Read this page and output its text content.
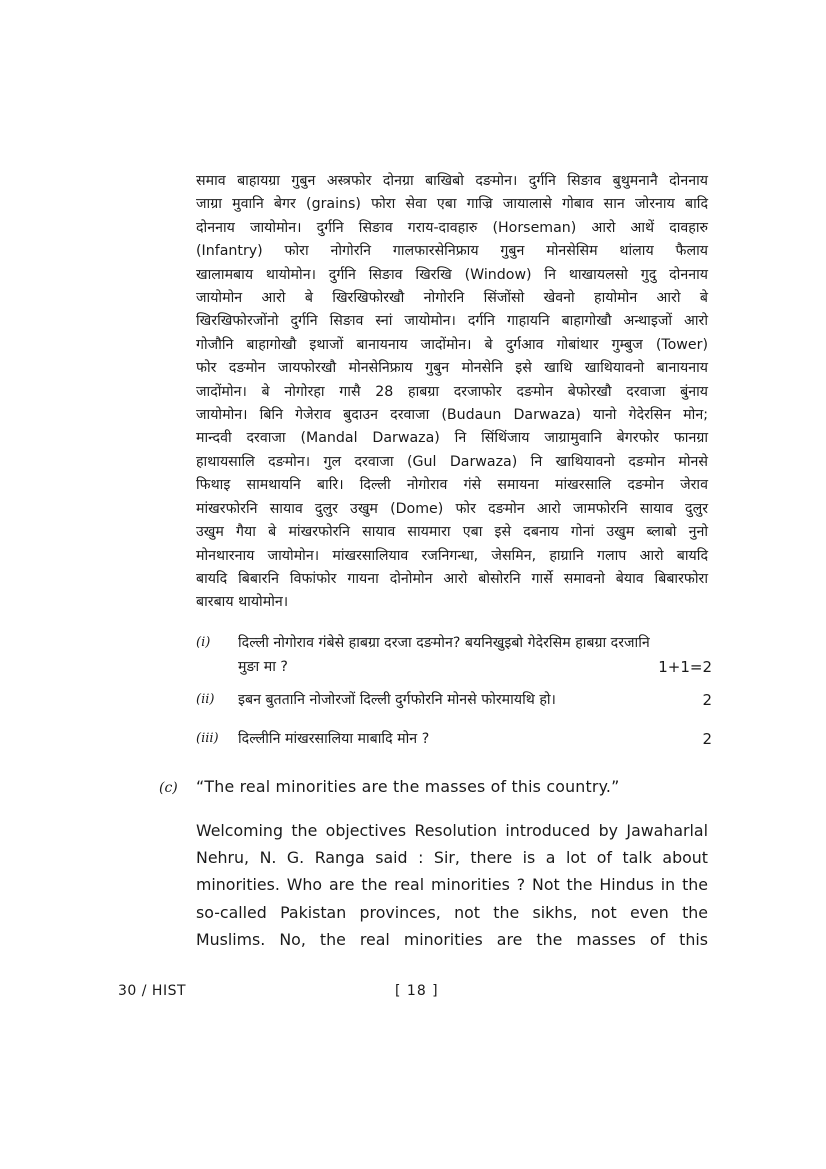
समाव बाहायग्रा गुबुन अस्त्रफोर दोनग्रा बाखिबो दङमोन। दुर्गनि सिङाव बुथुमनानै दोननाय
जाग्रा मुवानि बेगर (grains) फोरा सेवा एबा गाज्रि जायालासे गोबाव सान जोरनाय बादि
दोननाय जायोमोन। दुर्गनि सिङाव गराय-दावहारु (Horseman) आरो आथें दावहारु
(Infantry) फोरा नोगोरनि गालफारसेनिफ्राय गुबुन मोनसेसिम थांलाय फैलाय
खालामबाय थायोमोन। दुर्गनि सिङाव खिरखि (Window) नि थाखायलसो गुदु दोननाय
जायोमोन आरो बे खिरखिफोरखौ नोगोरनि सिंजोंसो खेवनो हायोमोन आरो बे
खिरखिफोरजोंनो दुर्गनि सिङाव स्नां जायोमोन। दर्गनि गाहायनि बाहागोखौ अन्थाइजों आरो
गोजौनि बाहागोखौ इथाजों बानायनाय जादोंमोन। बे दुर्गआव गोबांथार गुम्बुज (Tower)
फोर दङमोन जायफोरखौ मोनसेनिफ्राय गुबुन मोनसेनि इसे खाथि खाथियावनो बानायनाय
जादोंमोन। बे नोगोरहा गासै 28 हाबग्रा दरजाफोर दङमोन बेफोरखौ दरवाजा बुंनाय
जायोमोन। बिनि गेजेराव बुदाउन दरवाजा (Budaun Darwaza) यानो गेदेरसिन मोन;
मान्दवी दरवाजा (Mandal Darwaza) नि सिंथिंजाय जाग्रामुवानि बेगरफोर फानग्रा
हाथायसालि दङमोन। गुल दरवाजा (Gul Darwaza) नि खाथियावनो दङमोन मोनसे
फिथाइ सामथायनि बारि। दिल्ली नोगोराव गंसे समायना मांखरसालि दङमोन जेराव
मांखरफोरनि सायाव दुलुर उखुम (Dome) फोर दङमोन आरो जामफोरनि सायाव दुलुर
उखुम गैया बे मांखरफोरनि सायाव सायमारा एबा इसे दबनाय गोनां उखुम ब्लाबो नुनो
मोनथारनाय जायोमोन। मांखरसालियाव रजनिगन्धा, जेसमिन, हाग्रानि गलाप आरो बायदि
बायदि बिबारनि विफांफोर गायना दोनोमोन आरो बोसोरनि गार्से समावनो बेयाव बिबारफोरा
बारबाय थायोमोन।
(i) दिल्ली नोगोराव गंबेसे हाबग्रा दरजा दङमोन? बयनिखुइबो गेदेरसिम हाबग्रा दरजानि
मुङा मा ?	1+1=2
(ii) इबन बुततानि नोजोरजों दिल्ली दुर्गफोरनि मोनसे फोरमायथि हो।	2
(iii) दिल्लीनि मांखरसालिया माबादि मोन ?	2
(c) “The real minorities are the masses of this country.”
Welcoming the objectives Resolution introduced by Jawaharlal
Nehru, N. G. Ranga said : Sir, there is a lot of talk about
minorities. Who are the real minorities ? Not the Hindus in the
so-called Pakistan provinces, not the sikhs, not even the
Muslims. No, the real minorities are the masses of this
30 / HIST	[ 18 ]
